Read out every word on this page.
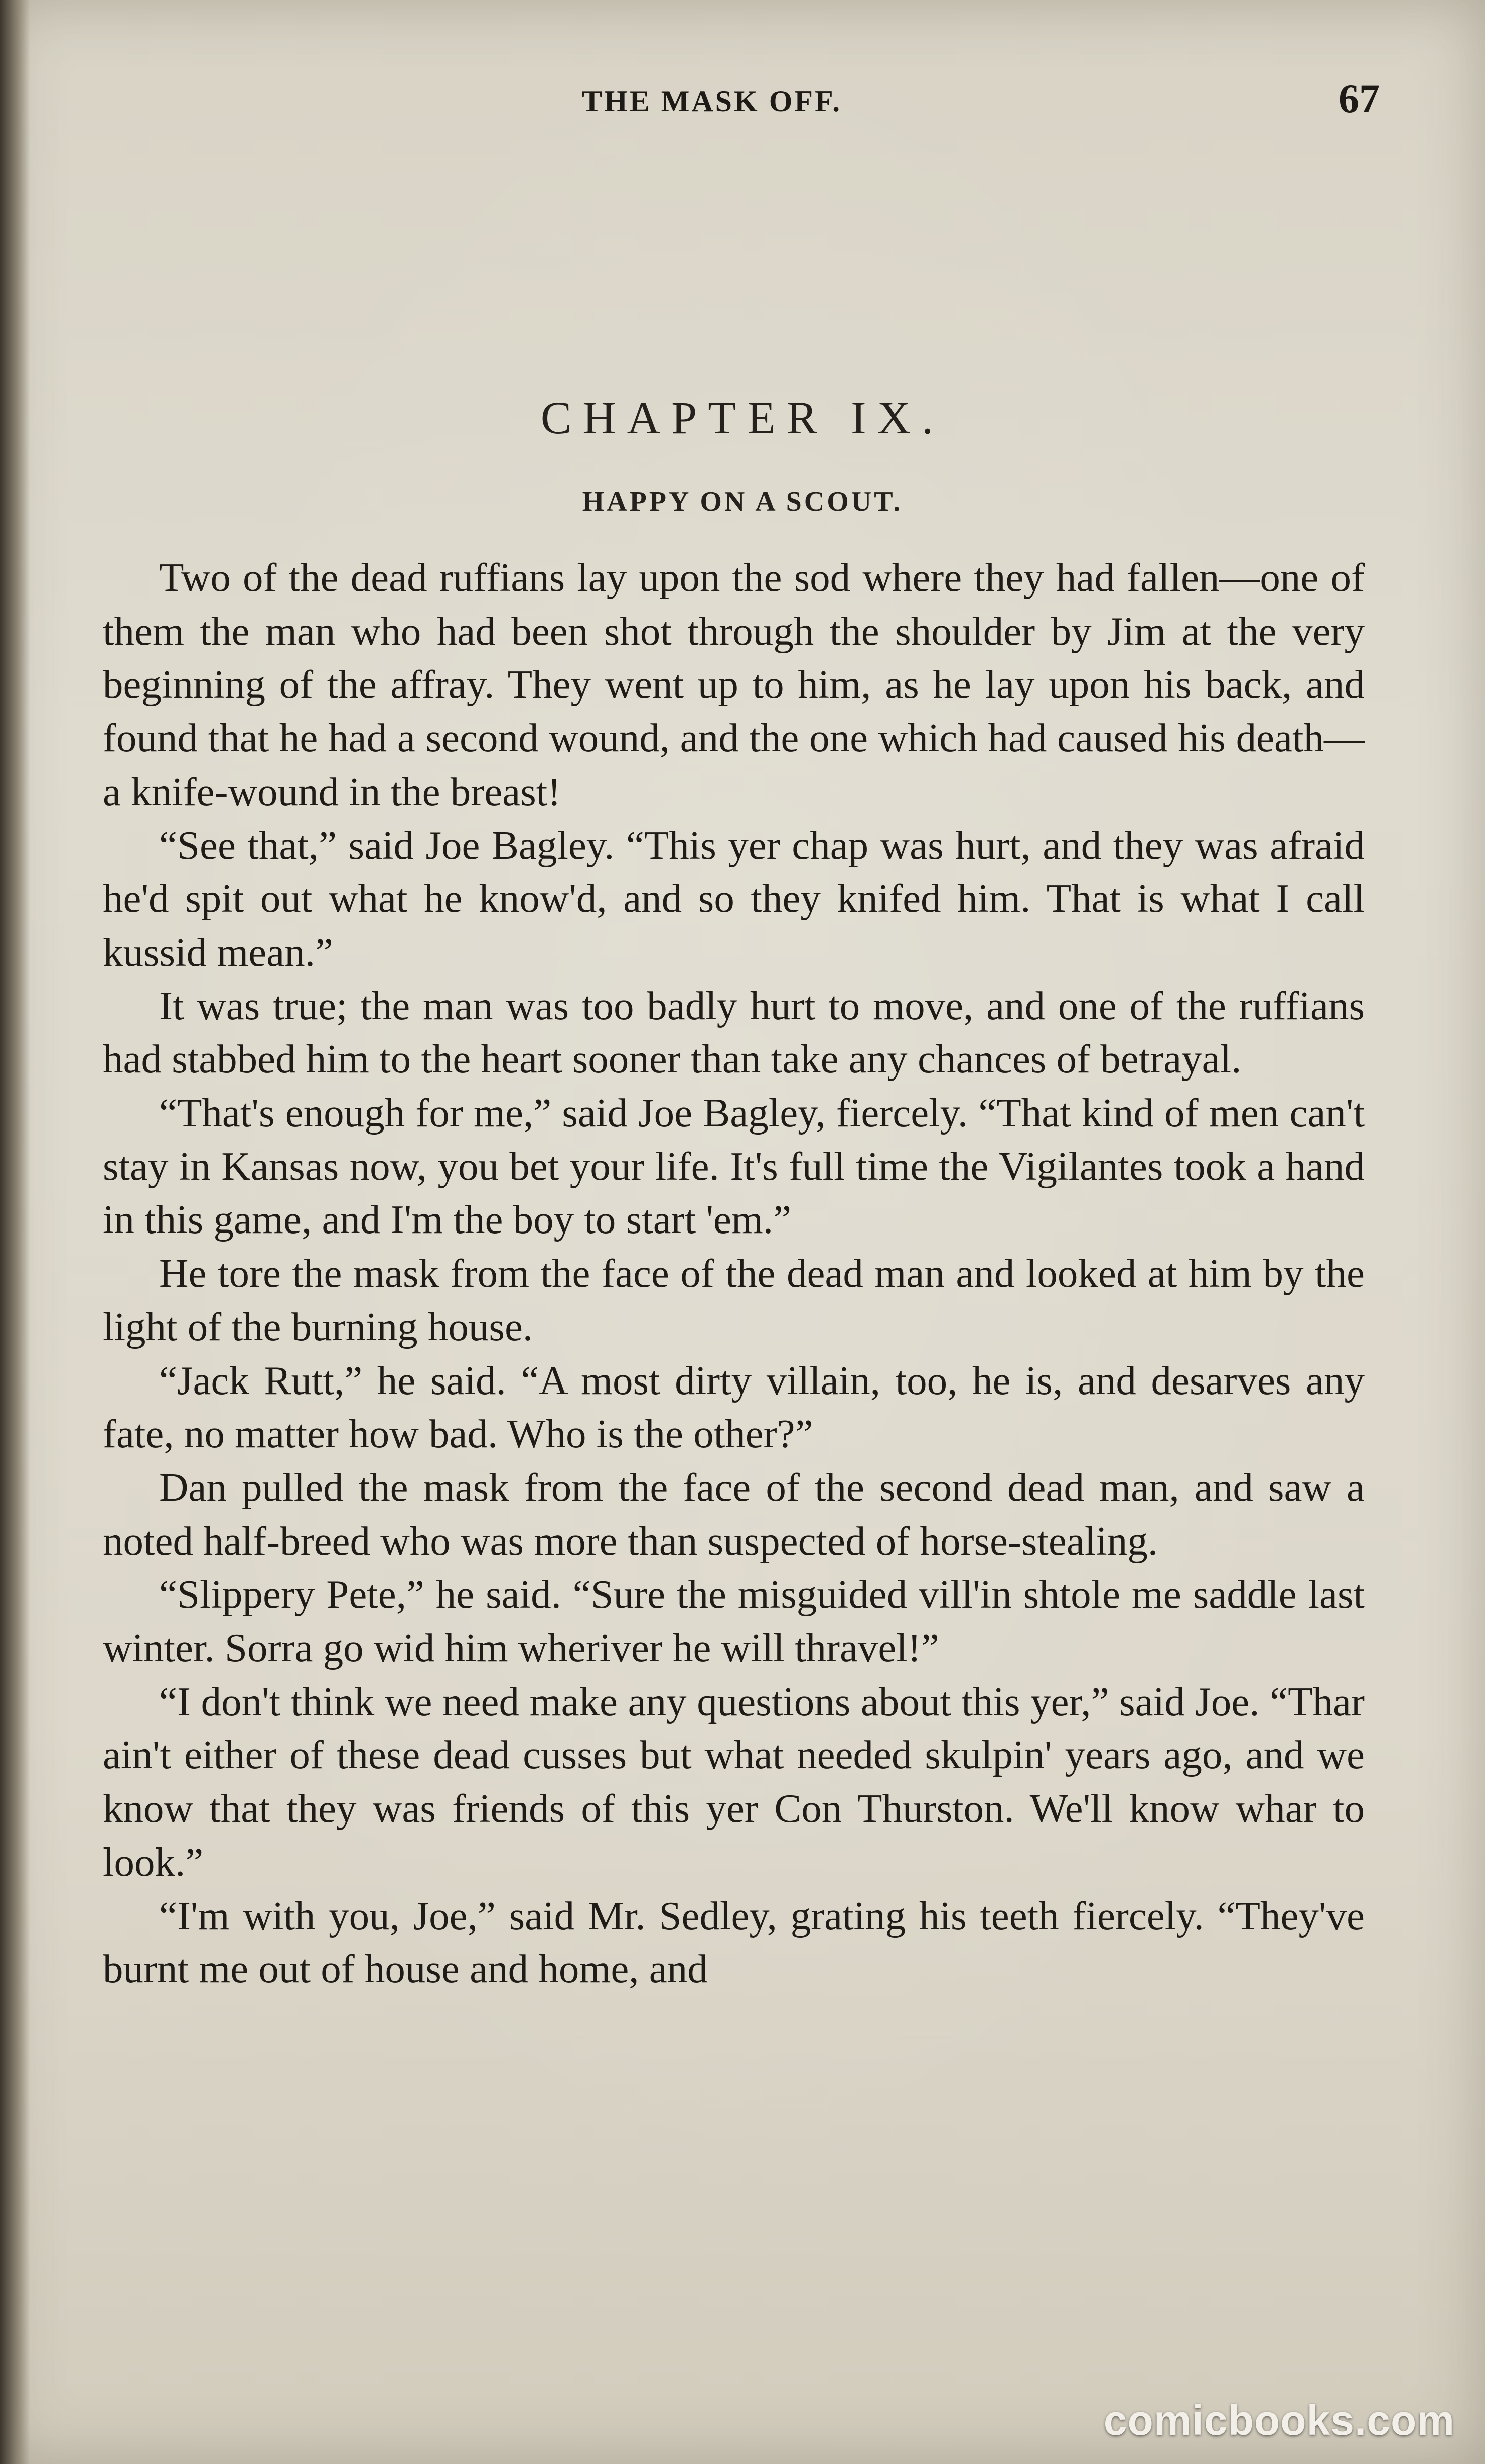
THE MASK OFF.	67
CHAPTER IX.
HAPPY ON A SCOUT.

Two of the dead ruffians lay upon the sod where they had fallen—one of them the man who had been shot through the shoulder by Jim at the very beginning of the affray. They went up to him, as he lay upon his back, and found that he had a second wound, and the one which had caused his death—a knife-wound in the breast!

“See that,” said Joe Bagley. “This yer chap was hurt, and they was afraid he'd spit out what he know'd, and so they knifed him. That is what I call kussid mean.”

It was true; the man was too badly hurt to move, and one of the ruffians had stabbed him to the heart sooner than take any chances of betrayal.

“That's enough for me,” said Joe Bagley, fiercely. “That kind of men can't stay in Kansas now, you bet your life. It's full time the Vigilantes took a hand in this game, and I'm the boy to start 'em.”

He tore the mask from the face of the dead man and looked at him by the light of the burning house.

“Jack Rutt,” he said. “A most dirty villain, too, he is, and desarves any fate, no matter how bad. Who is the other?”

Dan pulled the mask from the face of the second dead man, and saw a noted half-breed who was more than suspected of horse-stealing.

“Slippery Pete,” he said. “Sure the misguided vill'in shtole me saddle last winter. Sorra go wid him wheriver he will thravel!”

“I don't think we need make any questions about this yer,” said Joe. “Thar ain't either of these dead cusses but what needed skulpin' years ago, and we know that they was friends of this yer Con Thurston. We'll know whar to look.”

“I'm with you, Joe,” said Mr. Sedley, grating his teeth fiercely. “They've burnt me out of house and home, and

comicbooks.com
